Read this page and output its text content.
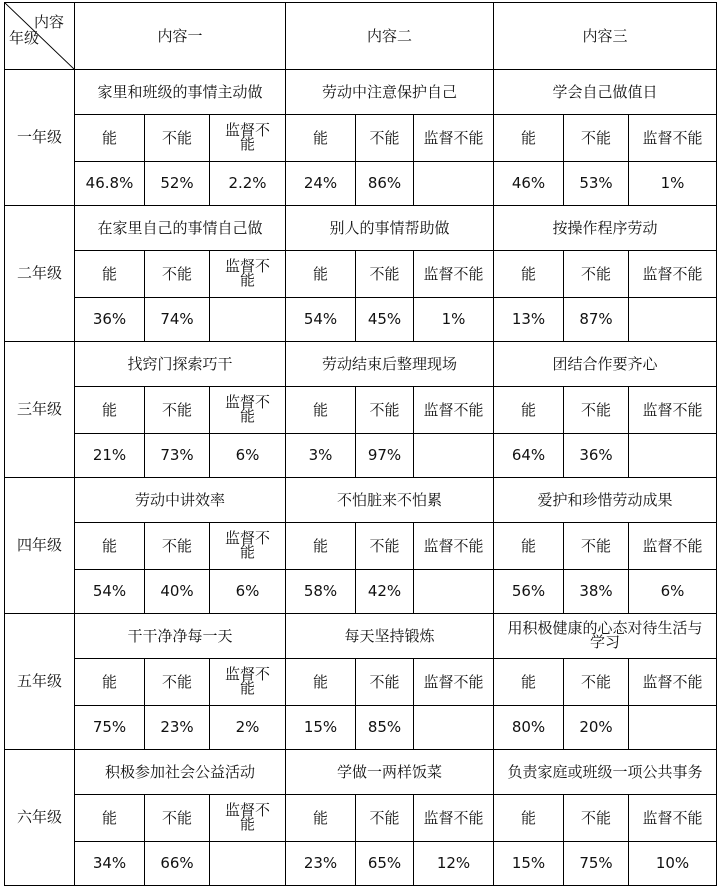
内容
年级	内容一			内容二			内容三		
一年级	家里和班级的事情主动做			劳动中注意保护自己			学会自己做值日		
	能	不能	监督不能	能	不能	监督不能	能	不能	监督不能
	46.8%	52%	2.2%	24%	86%		46%	53%	1%
二年级	在家里自己的事情自己做			别人的事情帮助做			按操作程序劳动		
	能	不能	监督不能	能	不能	监督不能	能	不能	监督不能
	36%	74%		54%	45%	1%	13%	87%	
三年级	找窍门探索巧干			劳动结束后整理现场			团结合作要齐心		
	能	不能	监督不能	能	不能	监督不能	能	不能	监督不能
	21%	73%	6%	3%	97%		64%	36%	
四年级	劳动中讲效率			不怕脏来不怕累			爱护和珍惜劳动成果		
	能	不能	监督不能	能	不能	监督不能	能	不能	监督不能
	54%	40%	6%	58%	42%		56%	38%	6%
五年级	干干净净每一天			每天坚持锻炼			用积极健康的心态对待生活与学习		
	能	不能	监督不能	能	不能	监督不能	能	不能	监督不能
	75%	23%	2%	15%	85%		80%	20%	
六年级	积极参加社会公益活动			学做一两样饭菜			负责家庭或班级一项公共事务		
	能	不能	监督不能	能	不能	监督不能	能	不能	监督不能
	34%	66%		23%	65%	12%	15%	75%	10%
